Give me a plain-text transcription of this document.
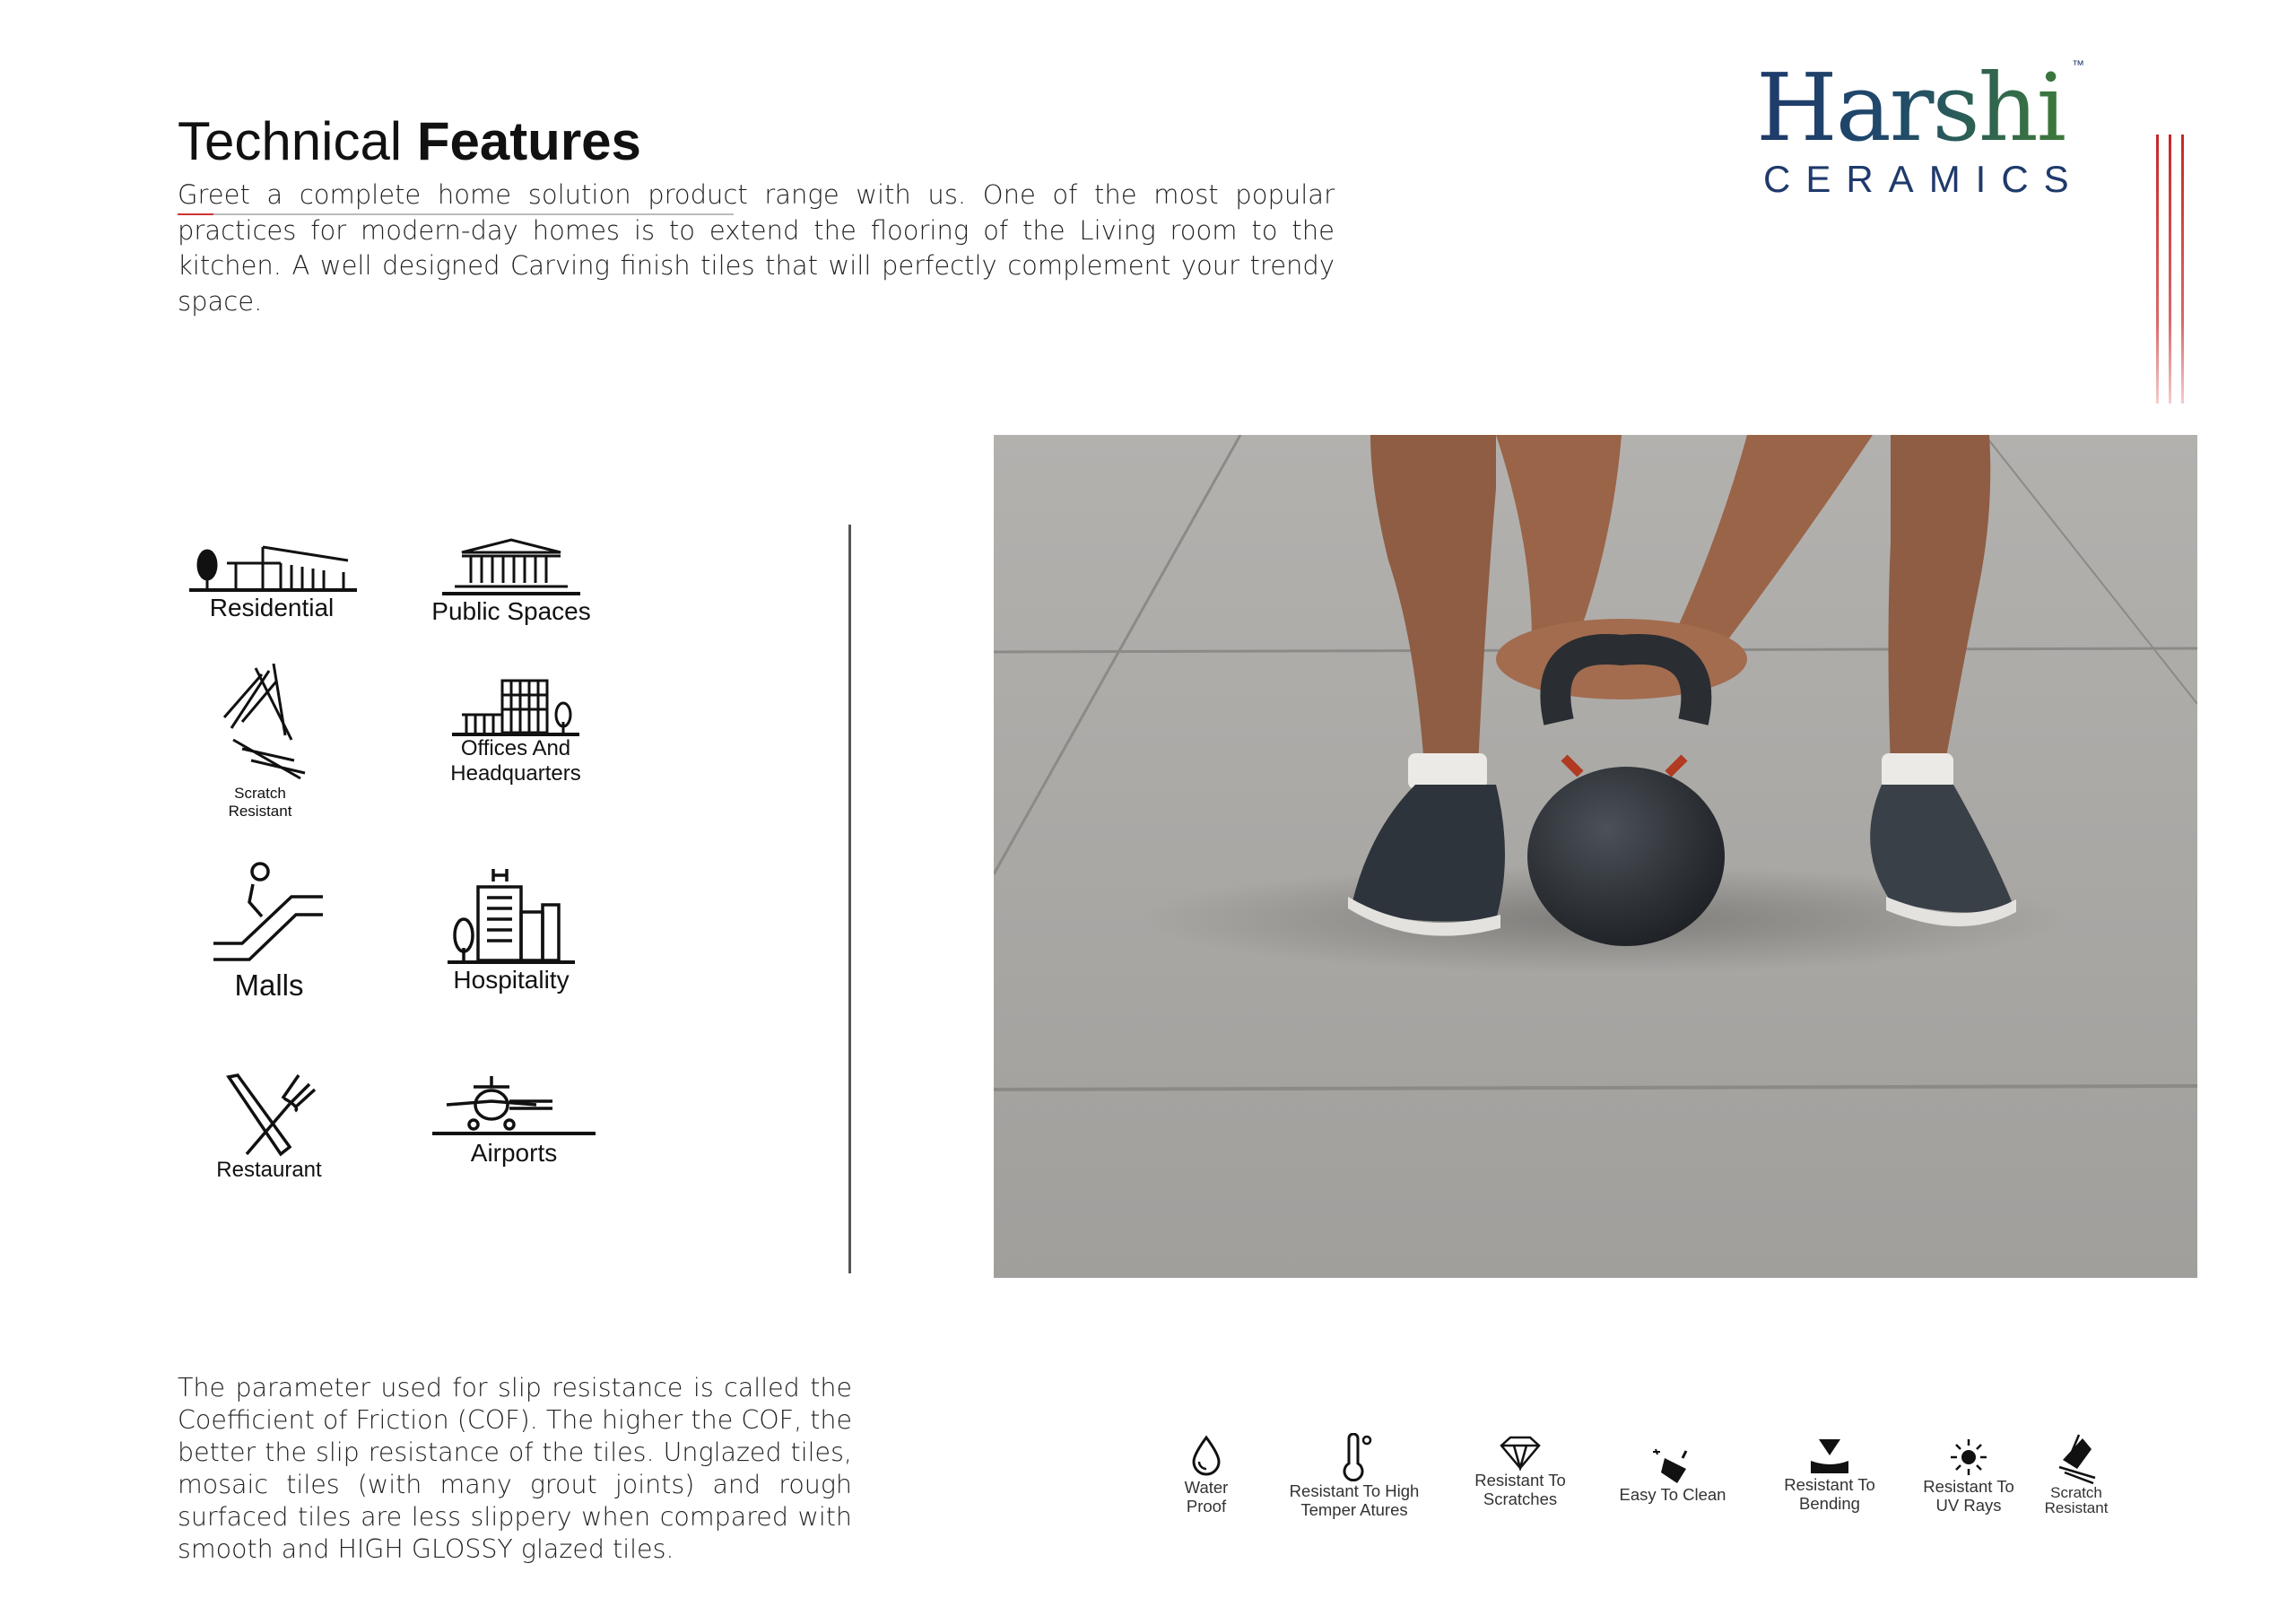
Technical Features

Greet a complete home solution product range with us. One of the most popular practices for modern-day homes is to extend the flooring of the Living room to the kitchen. A well designed Carving finish tiles that will perfectly complement your trendy space.

Harshi ™
CERAMICS
Residential	Public Spaces
Scratch Resistant
Offices And Headquarters
Malls	Hospitality
Restaurant
Airports

The parameter used for slip resistance is called the Coefficient of Friction (COF). The higher the COF, the better the slip resistance of the tiles. Unglazed tiles, mosaic tiles (with many grout joints) and rough surfaced tiles are less slippery when compared with smooth and HIGH GLOSSY glazed tiles.

Water Proof
Resistant To High Temper Atures
Resistant To Scratches	Easy To Clean
Resistant To Bending
Resistant To UV Rays
Scratch Resistant
